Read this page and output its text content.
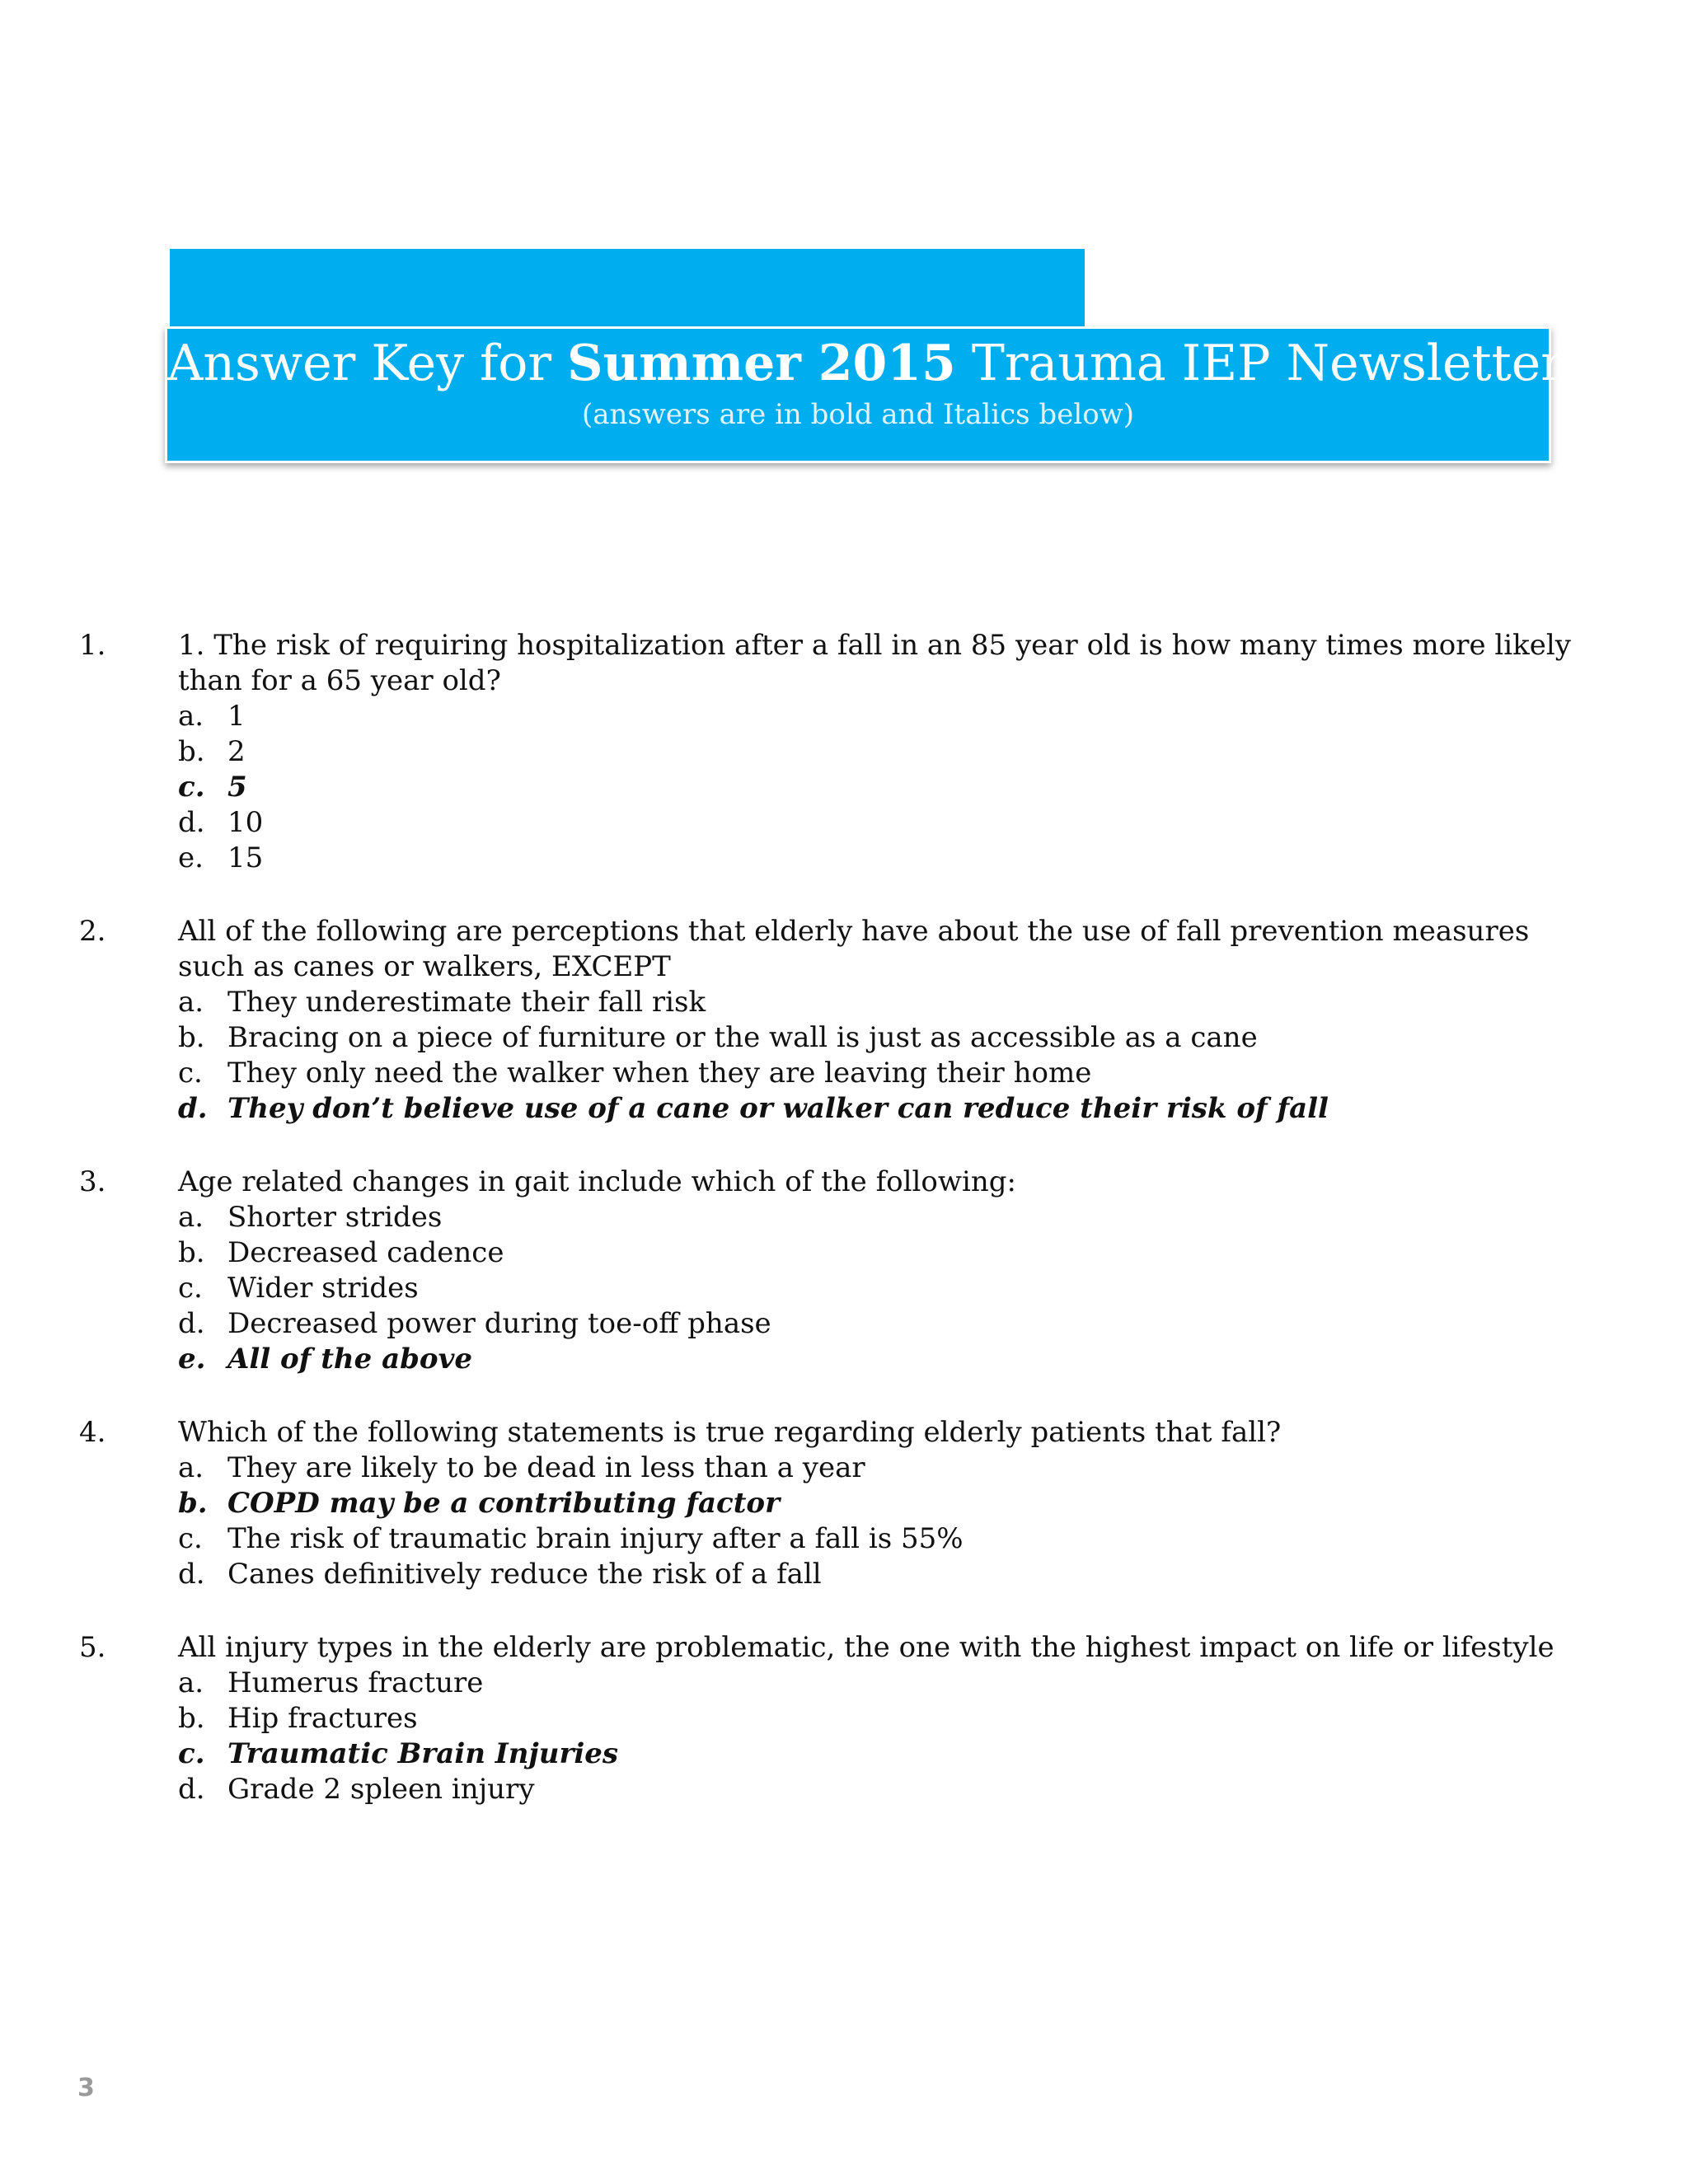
Answer Key for Summer 2015 Trauma IEP Newsletter
(answers are in bold and Italics below)
1.	1. The risk of requiring hospitalization after a fall in an 85 year old is how many times more likely than for a 65 year old?
a. 1
b. 2
c. 5
d. 10
e. 15
2.	All of the following are perceptions that elderly have about the use of fall prevention measures such as canes or walkers, EXCEPT
a. They underestimate their fall risk
b. Bracing on a piece of furniture or the wall is just as accessible as a cane
c. They only need the walker when they are leaving their home
d. They don’t believe use of a cane or walker can reduce their risk of fall
3.	Age related changes in gait include which of the following:
a. Shorter strides
b. Decreased cadence
c. Wider strides
d. Decreased power during toe-off phase
e. All of the above
4.	Which of the following statements is true regarding elderly patients that fall?
a. They are likely to be dead in less than a year
b. COPD may be a contributing factor
c. The risk of traumatic brain injury after a fall is 55%
d. Canes definitively reduce the risk of a fall
5.	All injury types in the elderly are problematic, the one with the highest impact on life or lifestyle
a. Humerus fracture
b. Hip fractures
c. Traumatic Brain Injuries
d. Grade 2 spleen injury
3
